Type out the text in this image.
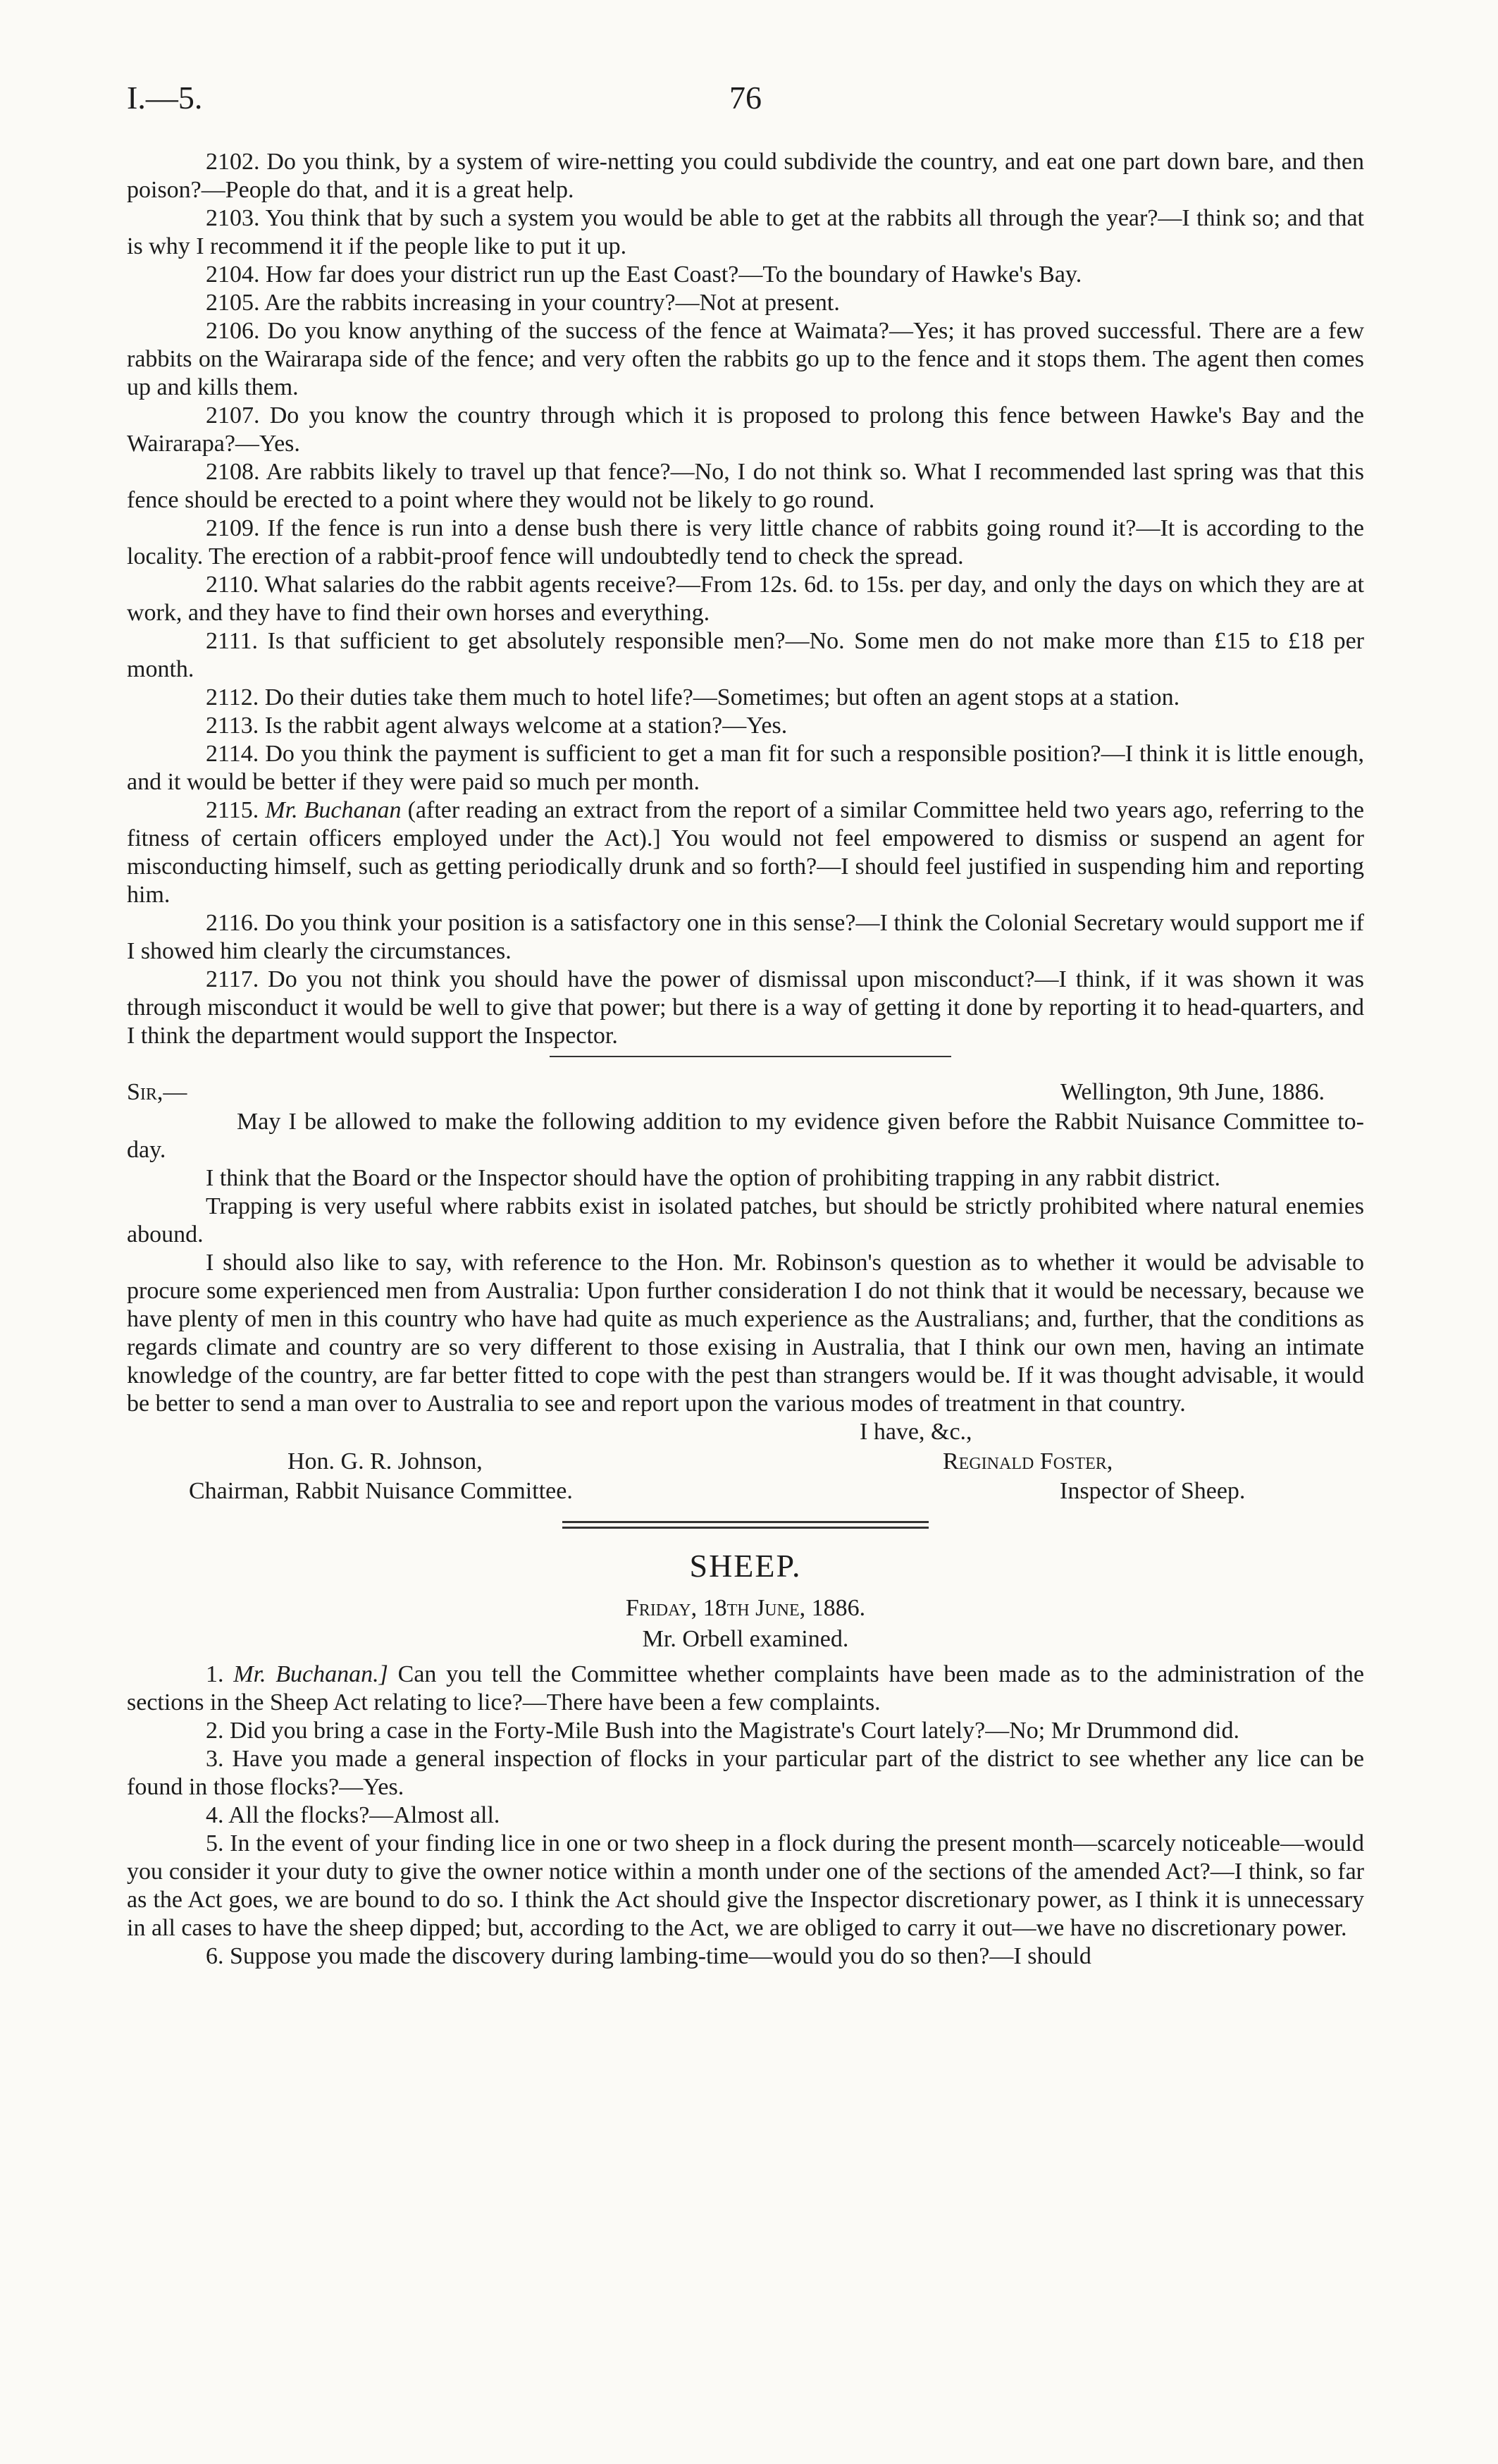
I.—5.	76

2102. Do you think, by a system of wire-netting you could subdivide the country, and eat one part down bare, and then poison?—People do that, and it is a great help.

2103. You think that by such a system you would be able to get at the rabbits all through the year?—I think so; and that is why I recommend it if the people like to put it up.

2104. How far does your district run up the East Coast?—To the boundary of Hawke's Bay.

2105. Are the rabbits increasing in your country?—Not at present.

2106. Do you know anything of the success of the fence at Waimata?—Yes; it has proved successful. There are a few rabbits on the Wairarapa side of the fence; and very often the rabbits go up to the fence and it stops them. The agent then comes up and kills them.

2107. Do you know the country through which it is proposed to prolong this fence between Hawke's Bay and the Wairarapa?—Yes.

2108. Are rabbits likely to travel up that fence?—No, I do not think so. What I recommended last spring was that this fence should be erected to a point where they would not be likely to go round.

2109. If the fence is run into a dense bush there is very little chance of rabbits going round it?—It is according to the locality. The erection of a rabbit-proof fence will undoubtedly tend to check the spread.

2110. What salaries do the rabbit agents receive?—From 12s. 6d. to 15s. per day, and only the days on which they are at work, and they have to find their own horses and everything.

2111. Is that sufficient to get absolutely responsible men?—No. Some men do not make more than £15 to £18 per month.

2112. Do their duties take them much to hotel life?—Sometimes; but often an agent stops at a station.

2113. Is the rabbit agent always welcome at a station?—Yes.

2114. Do you think the payment is sufficient to get a man fit for such a responsible position?—I think it is little enough, and it would be better if they were paid so much per month.

2115. Mr. Buchanan (after reading an extract from the report of a similar Committee held two years ago, referring to the fitness of certain officers employed under the Act).] You would not feel empowered to dismiss or suspend an agent for misconducting himself, such as getting periodically drunk and so forth?—I should feel justified in suspending him and reporting him.

2116. Do you think your position is a satisfactory one in this sense?—I think the Colonial Secretary would support me if I showed him clearly the circumstances.

2117. Do you not think you should have the power of dismissal upon misconduct?—I think, if it was shown it was through misconduct it would be well to give that power; but there is a way of getting it done by reporting it to head-quarters, and I think the department would support the Inspector.

Sir,—	Wellington, 9th June, 1886.

May I be allowed to make the following addition to my evidence given before the Rabbit Nuisance Committee to-day.

I think that the Board or the Inspector should have the option of prohibiting trapping in any rabbit district.

Trapping is very useful where rabbits exist in isolated patches, but should be strictly prohibited where natural enemies abound.

I should also like to say, with reference to the Hon. Mr. Robinson's question as to whether it would be advisable to procure some experienced men from Australia: Upon further consideration I do not think that it would be necessary, because we have plenty of men in this country who have had quite as much experience as the Australians; and, further, that the conditions as regards climate and country are so very different to those exising in Australia, that I think our own men, having an intimate knowledge of the country, are far better fitted to cope with the pest than strangers would be. If it was thought advisable, it would be better to send a man over to Australia to see and report upon the various modes of treatment in that country.

I have, &c.,
Hon. G. R. Johnson,	Reginald Foster,
Chairman, Rabbit Nuisance Committee.	Inspector of Sheep.
SHEEP.
Friday, 18th June, 1886.
Mr. Orbell examined.

1. Mr. Buchanan.] Can you tell the Committee whether complaints have been made as to the administration of the sections in the Sheep Act relating to lice?—There have been a few complaints.

2. Did you bring a case in the Forty-Mile Bush into the Magistrate's Court lately?—No; Mr Drummond did.

3. Have you made a general inspection of flocks in your particular part of the district to see whether any lice can be found in those flocks?—Yes.

4. All the flocks?—Almost all.

5. In the event of your finding lice in one or two sheep in a flock during the present month—scarcely noticeable—would you consider it your duty to give the owner notice within a month under one of the sections of the amended Act?—I think, so far as the Act goes, we are bound to do so. I think the Act should give the Inspector discretionary power, as I think it is unnecessary in all cases to have the sheep dipped; but, according to the Act, we are obliged to carry it out—we have no discretionary power.

6. Suppose you made the discovery during lambing-time—would you do so then?—I should
